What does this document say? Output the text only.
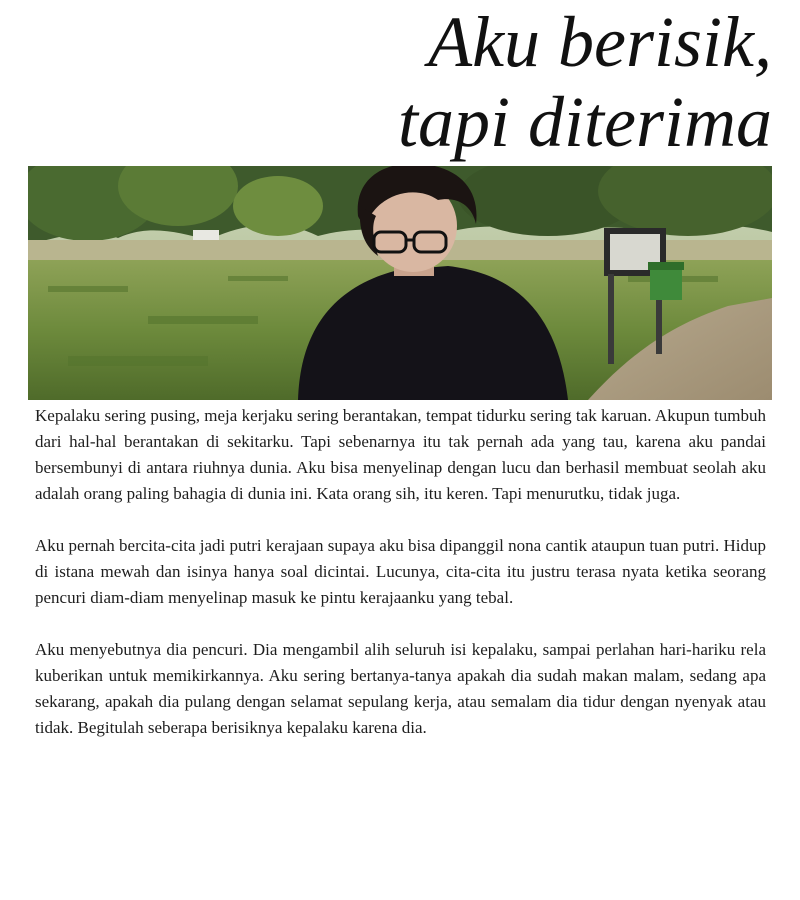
Aku berisik,
tapi diterima

Kepalaku sering pusing, meja kerjaku sering berantakan, tempat tidurku sering tak karuan. Akupun tumbuh dari hal-hal berantakan di sekitarku. Tapi sebenarnya itu tak pernah ada yang tau, karena aku pandai bersembunyi di antara riuhnya dunia. Aku bisa menyelinap dengan lucu dan berhasil membuat seolah aku adalah orang paling bahagia di dunia ini. Kata orang sih, itu keren. Tapi menurutku, tidak juga.

Aku pernah bercita-cita jadi putri kerajaan supaya aku bisa dipanggil nona cantik ataupun tuan putri. Hidup di istana mewah dan isinya hanya soal dicintai. Lucunya, cita-cita itu justru terasa nyata ketika seorang pencuri diam-diam menyelinap masuk ke pintu kerajaanku yang tebal.

Aku menyebutnya dia pencuri. Dia mengambil alih seluruh isi kepalaku, sampai perlahan hari-hariku rela kuberikan untuk memikirkannya. Aku sering bertanya-tanya apakah dia sudah makan malam, sedang apa sekarang, apakah dia pulang dengan selamat sepulang kerja, atau semalam dia tidur dengan nyenyak atau tidak. Begitulah seberapa berisiknya kepalaku karena dia.
